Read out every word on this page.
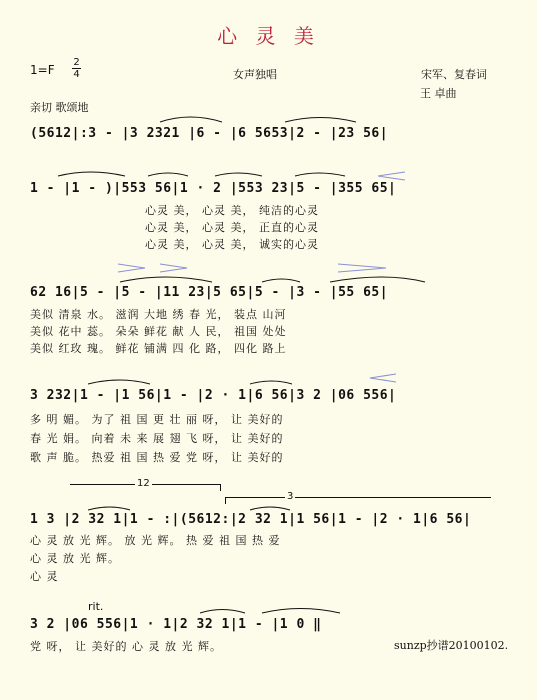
心 灵 美
1=F
2
4	女声独唱	宋军、复春词
王 卓曲
亲切 歌颂地
(5612|:3 - |3 2321 |6 - |6 5653|2 - |23 56|
1 - |1 - )|553 56|1 · 2 |553 23|5 - |355 65|
心灵 美， 心灵 美， 纯洁的心灵
心灵 美， 心灵 美， 正直的心灵
心灵 美， 心灵 美， 诚实的心灵
62 16|5 - |5 - |11 23|5 65|5 - |3 - |55 65|
美似 清泉 水。 滋润 大地 绣 春 光， 装点 山河
美似 花中 蕊。 朵朵 鲜花 献 人 民， 祖国 处处
美似 红玫 瑰。 鲜花 铺满 四 化 路， 四化 路上
3 232|1 - |1 56|1 - |2 · 1|6 56|3 2 |06 556|
多 明 媚。 为了 祖 国 更 壮 丽 呀， 让 美好的
春 光 娟。 向着 未 来 展 翅 飞 呀， 让 美好的
歌 声 脆。 热爱 祖 国 热 爱 党 呀， 让 美好的
12
3
1 3 |2 32 1|1 - :|(5612:|2 32 1|1 56|1 - |2 · 1|6 56|
心 灵 放 光 辉。 放 光 辉。 热 爱 祖 国 热 爱
心 灵 放 光 辉。
心 灵
rit.
3 2 |06 556|1 · 1|2 32 1|1 - |1 0 ‖
党 呀， 让 美好的 心 灵 放 光 辉。	sunzp抄谱20100102.
